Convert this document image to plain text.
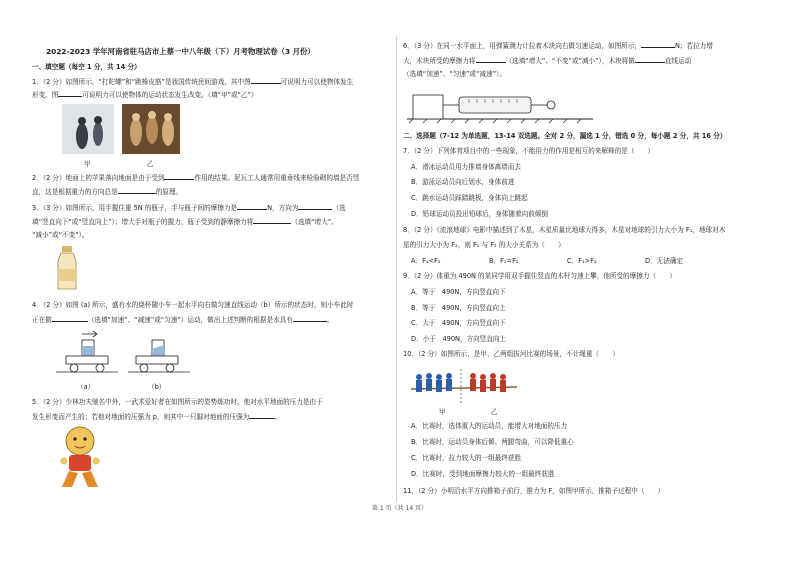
2022-2023 学年河南省驻马店市上蔡一中八年级（下）月考物理试卷（3 月份）
一、填空题（每空 1 分，共 14 分）
1．（2 分）如图所示，“打陀螺”和“跳橡皮筋”是我国传统民间游戏，其中图	可说明力可以使物体发生
形变，图	可说明力可以使物体的运动状态发生改变。（填“甲”或“乙”）
甲	乙
2．（2 分）地面上的苹果落向地面是由于受到	作用的结果。泥瓦工人通常用重垂线来检验砌的墙是否竖
直，这是根据重力的方向总是	的原理。
3．（3 分）如图所示，用手握住重 5N 的瓶子，手与瓶子间的摩擦力是	N，方向为	（选
填“竖直向下”或“竖直向上”）；增大手对瓶子的握力，瓶子受到的静摩擦力将	（选填“增大”、
“减小”或“不变”）。
4．（2 分）如图 (a) 所示，盛有水的烧杯随小车一起水平向右做匀速直线运动（b）所示的状态时，则小车此时
正在做	（选填“加速”、“减速”或“匀速”）运动，做出上述判断的根据是水具有	。
（a）	（b）
5．（2 分）少林功夫驰名中外，一武术爱好者在如图所示的姿势练功时，他对水平地面的压力是由于
发生形变而产生的；若他对地面的压强为 p，则其中一只脚对地面的压强为	。
6．（3 分）在同一水平面上，用弹簧测力计拉着木块向右做匀速运动，如图所示，	N；若拉力增
大，木块所受的摩擦力将	（选填“增大”、“不变”或“减小”），木块将做	直线运动
（选填“加速”、“匀速”或“减速”）。
二、选择题（7-12 为单选题，13-14 双选题。全对 2 分，漏选 1 分，错选 0 分，每小题 2 分，共 16 分）
7．（2 分）下列体育项目中的一些现象，不能用力的作用是相互的来解释的是（　　）
A．滑冰运动员用力推墙身体离墙而去
B．游泳运动员向后划水，身体前进
C．跳水运动员踩踏跳板，身体向上跳起
D．铅球运动员投出铅球后，身体随着向前倾倒
8．（2 分）《流浪地球》电影中描述到了木星，木星质量比地球大得多，木星对地球的引力大小为 F₁，地球对木
星的引力大小为 F₂，则 F₁ 与 F₂ 的大小关系为（　　）
A．F₁<F₂	B．F₁=F₂	C．F₁>F₂	D．无法确定
9．（2 分）体重为 490N 的某同学用双手握住竖直的木杆匀速上攀，他所受的摩擦力（　　）
A．等于　490N，方向竖直向下
B．等于　490N，方向竖直向上
C．大于　490N，方向竖直向下
D．小于　490N，方向竖直向上
10．（2 分）如图所示，是甲、乙两组拔河比赛的场景，不计绳重（　　）
甲	乙
A．比赛时，选体重大的运动员，能增大对地面的压力
B．比赛时，运动员身体后倾、两腿弯曲，可以降低重心
C．比赛时，拉力较大的一组最终获胜
D．比赛时，受到地面摩擦力较大的一组最终获胜
11．（2 分）小明沿水平方向推箱子前行，推力为 F，如图甲所示，推箱子过程中（　　）
第 1 页（共 14 页）
